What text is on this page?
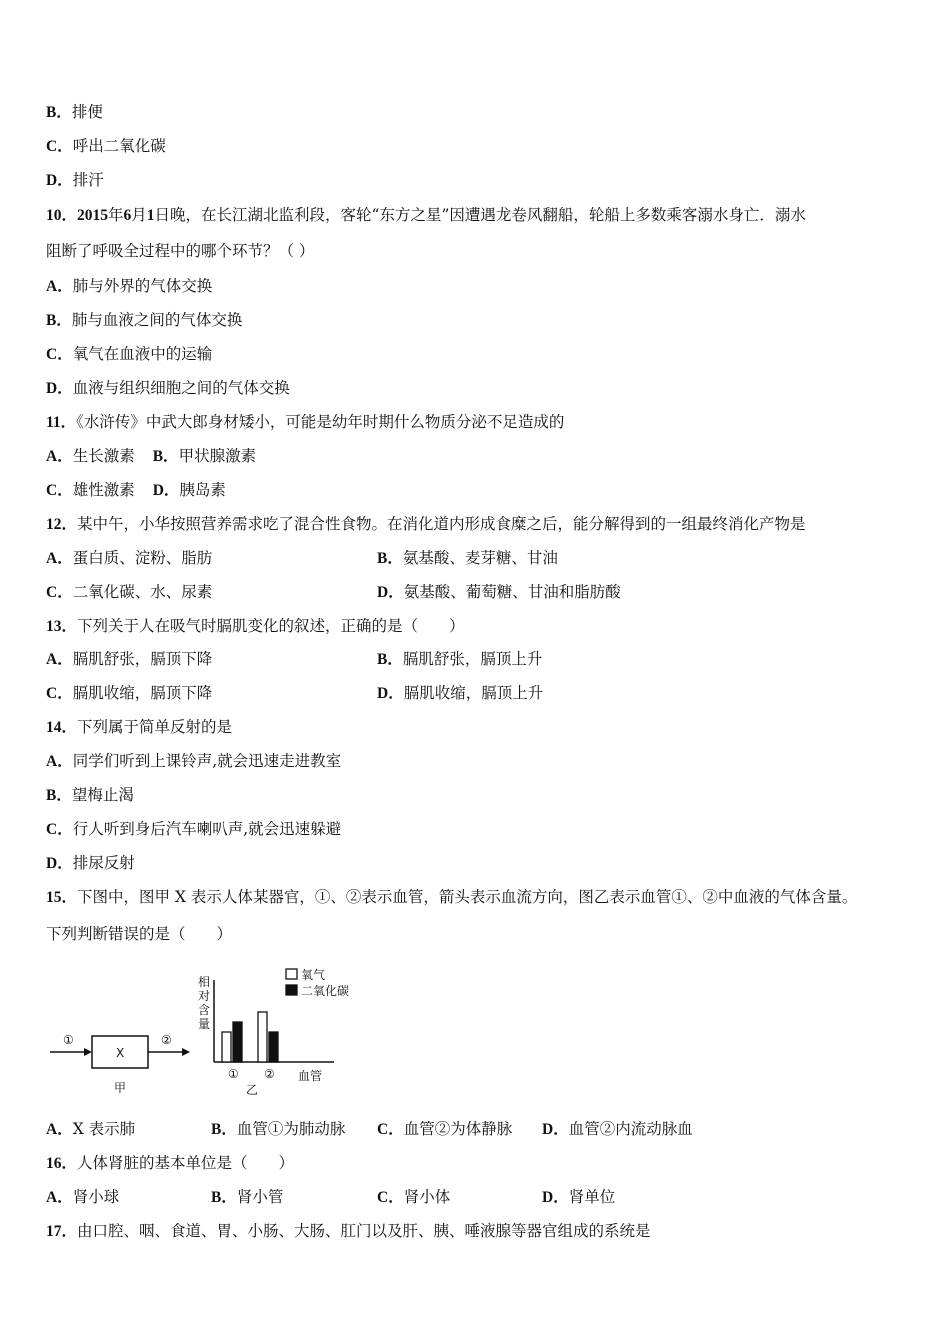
B．排便
C．呼出二氧化碳
D．排汗
10．2015年6月1日晚，在长江湖北监利段，客轮“东方之星”因遭遇龙卷风翻船，轮船上多数乘客溺水身亡．溺水
阻断了呼吸全过程中的哪个环节？（ ）
A．肺与外界的气体交换
B．肺与血液之间的气体交换
C．氧气在血液中的运输
D．血液与组织细胞之间的气体交换
11．《水浒传》中武大郎身材矮小，可能是幼年时期什么物质分泌不足造成的
A．生长激素 B．甲状腺激素
C．雄性激素 D．胰岛素
12．某中午，小华按照营养需求吃了混合性食物。在消化道内形成食糜之后，能分解得到的一组最终消化产物是
A．蛋白质、淀粉、脂肪	B．氨基酸、麦芽糖、甘油
C．二氧化碳、水、尿素	D．氨基酸、葡萄糖、甘油和脂肪酸
13．下列关于人在吸气时膈肌变化的叙述，正确的是（　　）
A．膈肌舒张，膈顶下降	B．膈肌舒张，膈顶上升
C．膈肌收缩，膈顶下降	D．膈肌收缩，膈顶上升
14．下列属于简单反射的是
A．同学们听到上课铃声,就会迅速走进教室
B．望梅止渴
C．行人听到身后汽车喇叭声,就会迅速躲避
D．排尿反射
15．下图中，图甲 X 表示人体某器官，①、②表示血管，箭头表示血流方向，图乙表示血管①、②中血液的气体含量。
下列判断错误的是（　　）
①
X
②
甲
相
对
含
量
氧气
二氧化碳
① ② 血管
乙
A．X 表示肺	B．血管①为肺动脉 C．血管②为体静脉 D．血管②内流动脉血
16．人体肾脏的基本单位是（　　）
A．肾小球	B．肾小管	C．肾小体	D．肾单位
17．由口腔、咽、食道、胃、小肠、大肠、肛门以及肝、胰、唾液腺等器官组成的系统是
